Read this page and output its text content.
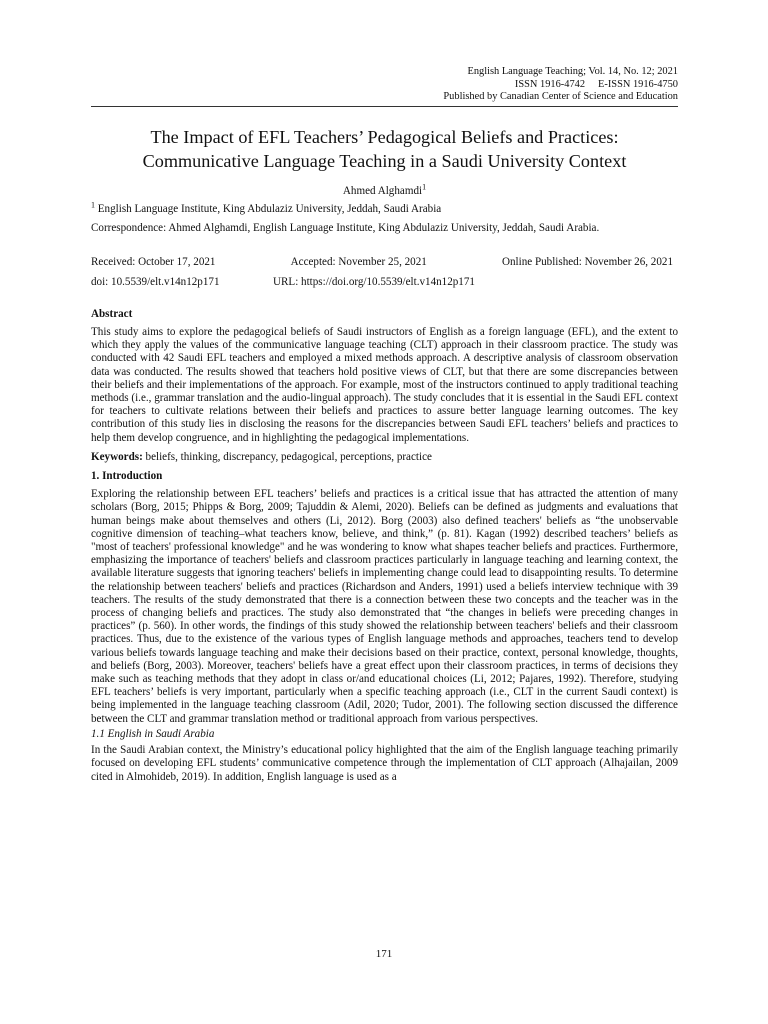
English Language Teaching; Vol. 14, No. 12; 2021
ISSN 1916-4742     E-ISSN 1916-4750
Published by Canadian Center of Science and Education
The Impact of EFL Teachers’ Pedagogical Beliefs and Practices:
Communicative Language Teaching in a Saudi University Context
Ahmed Alghamdi$^1$
$^1$ English Language Institute, King Abdulaziz University, Jeddah, Saudi Arabia
Correspondence: Ahmed Alghamdi, English Language Institute, King Abdulaziz University, Jeddah, Saudi Arabia.
Received: October 17, 2021	Accepted: November 25, 2021	Online Published: November 26, 2021
doi: 10.5539/elt.v14n12p171	URL: https://doi.org/10.5539/elt.v14n12p171
Abstract

This study aims to explore the pedagogical beliefs of Saudi instructors of English as a foreign language (EFL), and the extent to which they apply the values of the communicative language teaching (CLT) approach in their classroom practice. The study was conducted with 42 Saudi EFL teachers and employed a mixed methods approach. A descriptive analysis of classroom observation data was conducted. The results showed that teachers hold positive views of CLT, but that there are some discrepancies between their beliefs and their implementations of the approach. For example, most of the instructors continued to apply traditional teaching methods (i.e., grammar translation and the audio-lingual approach). The study concludes that it is essential in the Saudi EFL context for teachers to cultivate relations between their beliefs and practices to assure better language learning outcomes. The key contribution of this study lies in disclosing the reasons for the discrepancies between Saudi EFL teachers’ beliefs and practices to help them develop congruence, and in highlighting the pedagogical implementations.

Keywords: beliefs, thinking, discrepancy, pedagogical, perceptions, practice
1. Introduction

Exploring the relationship between EFL teachers’ beliefs and practices is a critical issue that has attracted the attention of many scholars (Borg, 2015; Phipps & Borg, 2009; Tajuddin & Alemi, 2020). Beliefs can be defined as judgments and evaluations that human beings make about themselves and others (Li, 2012). Borg (2003) also defined teachers' beliefs as “the unobservable cognitive dimension of teaching–what teachers know, believe, and think,” (p. 81). Kagan (1992) described teachers’ beliefs as "most of teachers' professional knowledge" and he was wondering to know what shapes teacher beliefs and practices. Furthermore, emphasizing the importance of teachers' beliefs and classroom practices particularly in language teaching and learning context, the available literature suggests that ignoring teachers' beliefs in implementing change could lead to disappointing results. To determine the relationship between teachers' beliefs and practices (Richardson and Anders, 1991) used a beliefs interview technique with 39 teachers. The results of the study demonstrated that there is a connection between these two concepts and the teacher was in the process of changing beliefs and practices. The study also demonstrated that “the changes in beliefs were preceding changes in practices” (p. 560). In other words, the findings of this study showed the relationship between teachers' beliefs and their classroom practices. Thus, due to the existence of the various types of English language methods and approaches, teachers tend to develop various beliefs towards language teaching and make their decisions based on their practice, context, personal knowledge, thoughts, and beliefs (Borg, 2003). Moreover, teachers' beliefs have a great effect upon their classroom practices, in terms of decisions they make such as teaching methods that they adopt in class or/and educational choices (Li, 2012; Pajares, 1992). Therefore, studying EFL teachers’ beliefs is very important, particularly when a specific teaching approach (i.e., CLT in the current Saudi context) is being implemented in the language teaching classroom (Adil, 2020; Tudor, 2001). The following section discussed the difference between the CLT and grammar translation method or traditional approach from various perspectives.

1.1 English in Saudi Arabia

In the Saudi Arabian context, the Ministry’s educational policy highlighted that the aim of the English language teaching primarily focused on developing EFL students’ communicative competence through the implementation of CLT approach (Alhajailan, 2009 cited in Almohideb, 2019). In addition, English language is used as a

171
